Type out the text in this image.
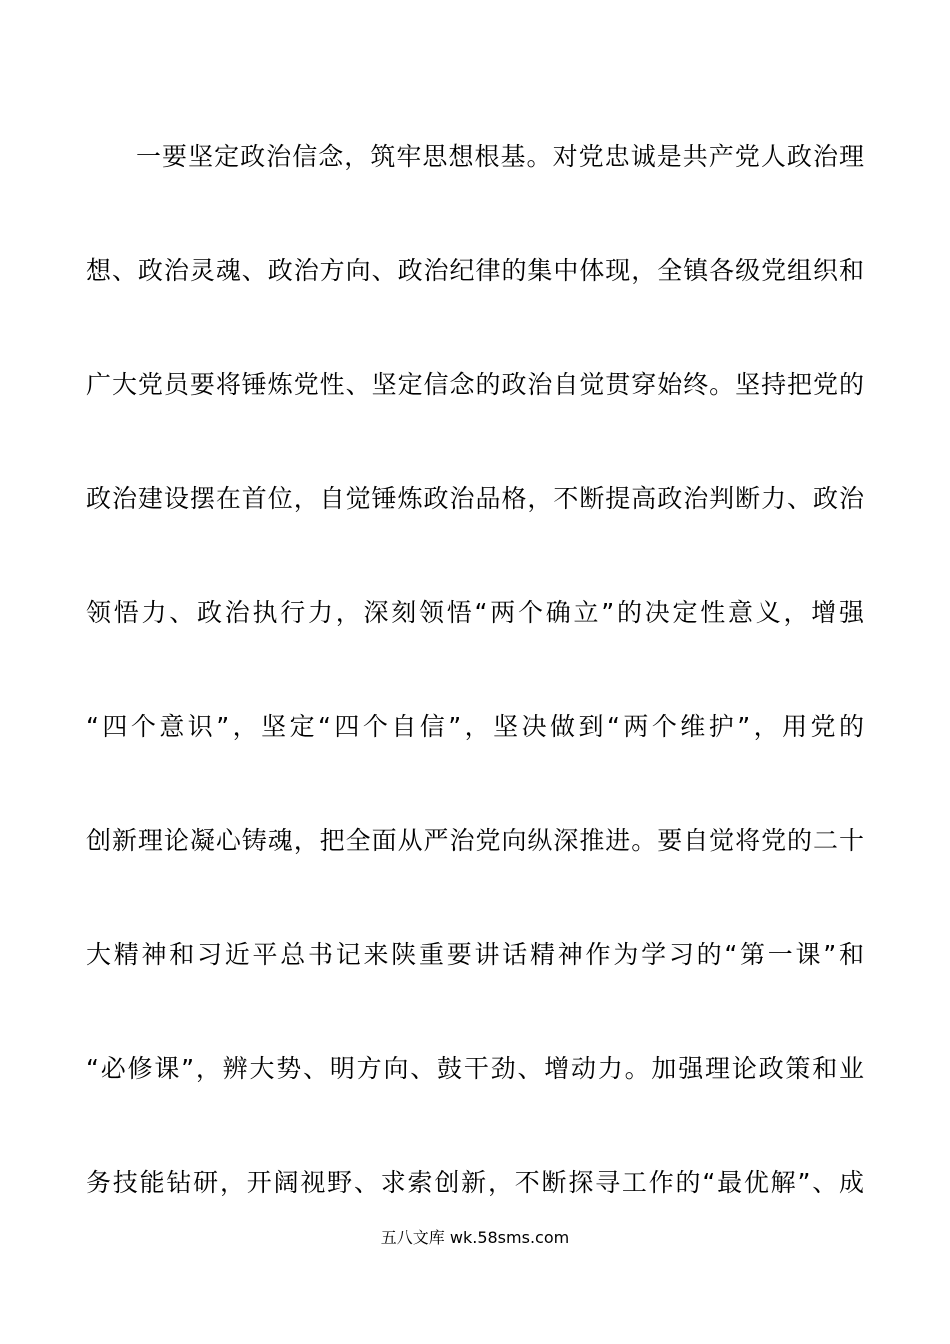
一要坚定政治信念，筑牢思想根基。对党忠诚是共产党人政治理
想、政治灵魂、政治方向、政治纪律的集中体现，全镇各级党组织和
广大党员要将锤炼党性、坚定信念的政治自觉贯穿始终。坚持把党的
政治建设摆在首位，自觉锤炼政治品格，不断提高政治判断力、政治
领悟力、政治执行力，深刻领悟“两个确立”的决定性意义，增强
“四个意识”，坚定“四个自信”，坚决做到“两个维护”，用党的
创新理论凝心铸魂，把全面从严治党向纵深推进。要自觉将党的二十
大精神和习近平总书记来陕重要讲话精神作为学习的“第一课”和
“必修课”，辨大势、明方向、鼓干劲、增动力。加强理论政策和业
务技能钻研，开阔视野、求索创新，不断探寻工作的“最优解”、成
五八文库 wk.58sms.com
